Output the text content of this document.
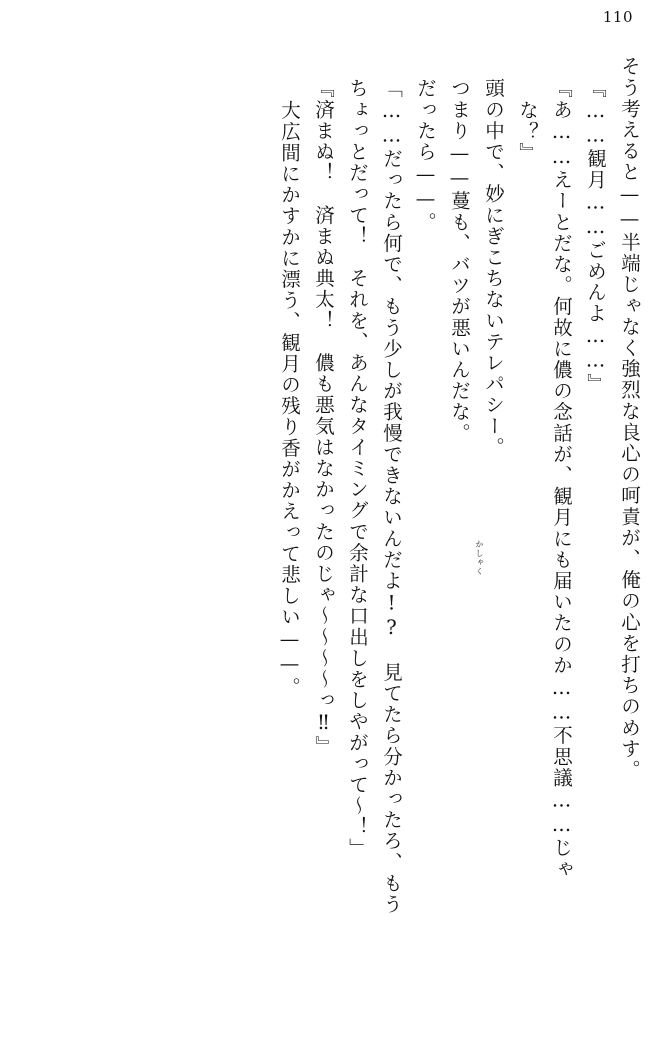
110
そう考えると——半端じゃなく強烈な良心の呵責が、俺の心を打ちのめす。
『……観月……ごめんよ……』
『あ……えーとだな。何故に儂の念話が、観月にも届いたのか……不思議……じゃ
な？』
頭の中で、妙にぎこちないテレパシー。
つまり——蔓も、バツが悪いんだな。
だったら——。
「……だったら何で、もう少しが我慢できないんだよ!?　見てたら分かったろ、もう
ちょっとだって！　それを、あんなタイミングで余計な口出しをしやがって～！」
『済まぬ！　済まぬ典太！　儂も悪気はなかったのじゃ～～～～っ‼』
大広間にかすかに漂う、観月の残り香がかえって悲しい——。	かしゃく
